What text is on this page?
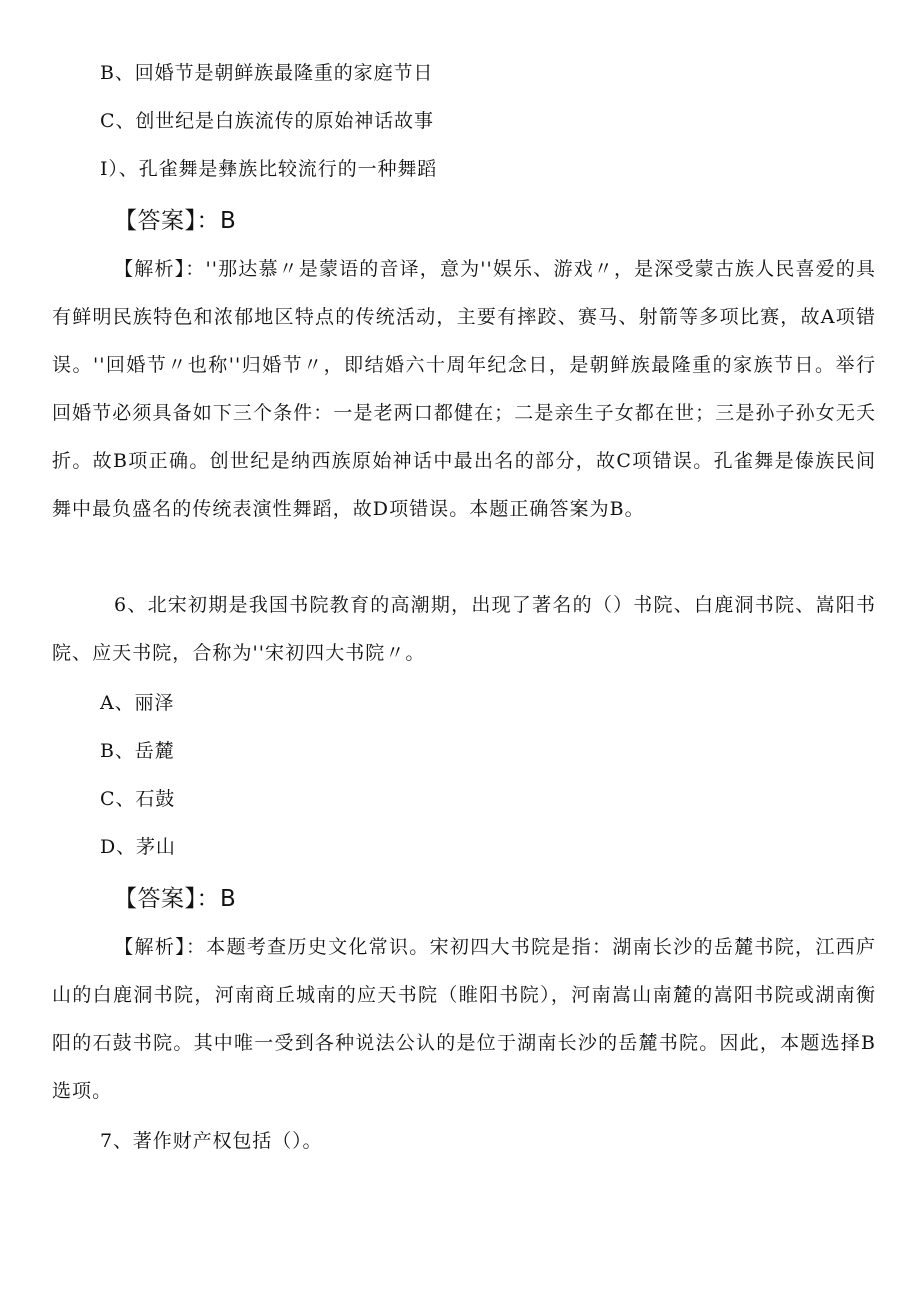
B、回婚节是朝鲜族最隆重的家庭节日
C、创世纪是白族流传的原始神话故事
I）、孔雀舞是彝族比较流行的一种舞蹈
【答案】：B
【解析】：''那达慕〃是蒙语的音译，意为''娱乐、游戏〃，是深受蒙古族人民喜爱的具有鲜明民族特色和浓郁地区特点的传统活动，主要有摔跤、赛马、射箭等多项比赛，故A项错误。''回婚节〃也称''归婚节〃，即结婚六十周年纪念日，是朝鲜族最隆重的家族节日。举行回婚节必须具备如下三个条件：一是老两口都健在；二是亲生子女都在世；三是孙子孙女无夭折。故B项正确。创世纪是纳西族原始神话中最出名的部分，故C项错误。孔雀舞是傣族民间舞中最负盛名的传统表演性舞蹈，故D项错误。本题正确答案为B。
6、北宋初期是我国书院教育的高潮期，出现了著名的（）书院、白鹿洞书院、嵩阳书院、应天书院，合称为''宋初四大书院〃。
A、丽泽
B、岳麓
C、石鼓
D、茅山
【答案】：B
【解析】：本题考查历史文化常识。宋初四大书院是指：湖南长沙的岳麓书院，江西庐山的白鹿洞书院，河南商丘城南的应天书院（睢阳书院），河南嵩山南麓的嵩阳书院或湖南衡阳的石鼓书院。其中唯一受到各种说法公认的是位于湖南长沙的岳麓书院。因此，本题选择B选项。
7、著作财产权包括（）。
